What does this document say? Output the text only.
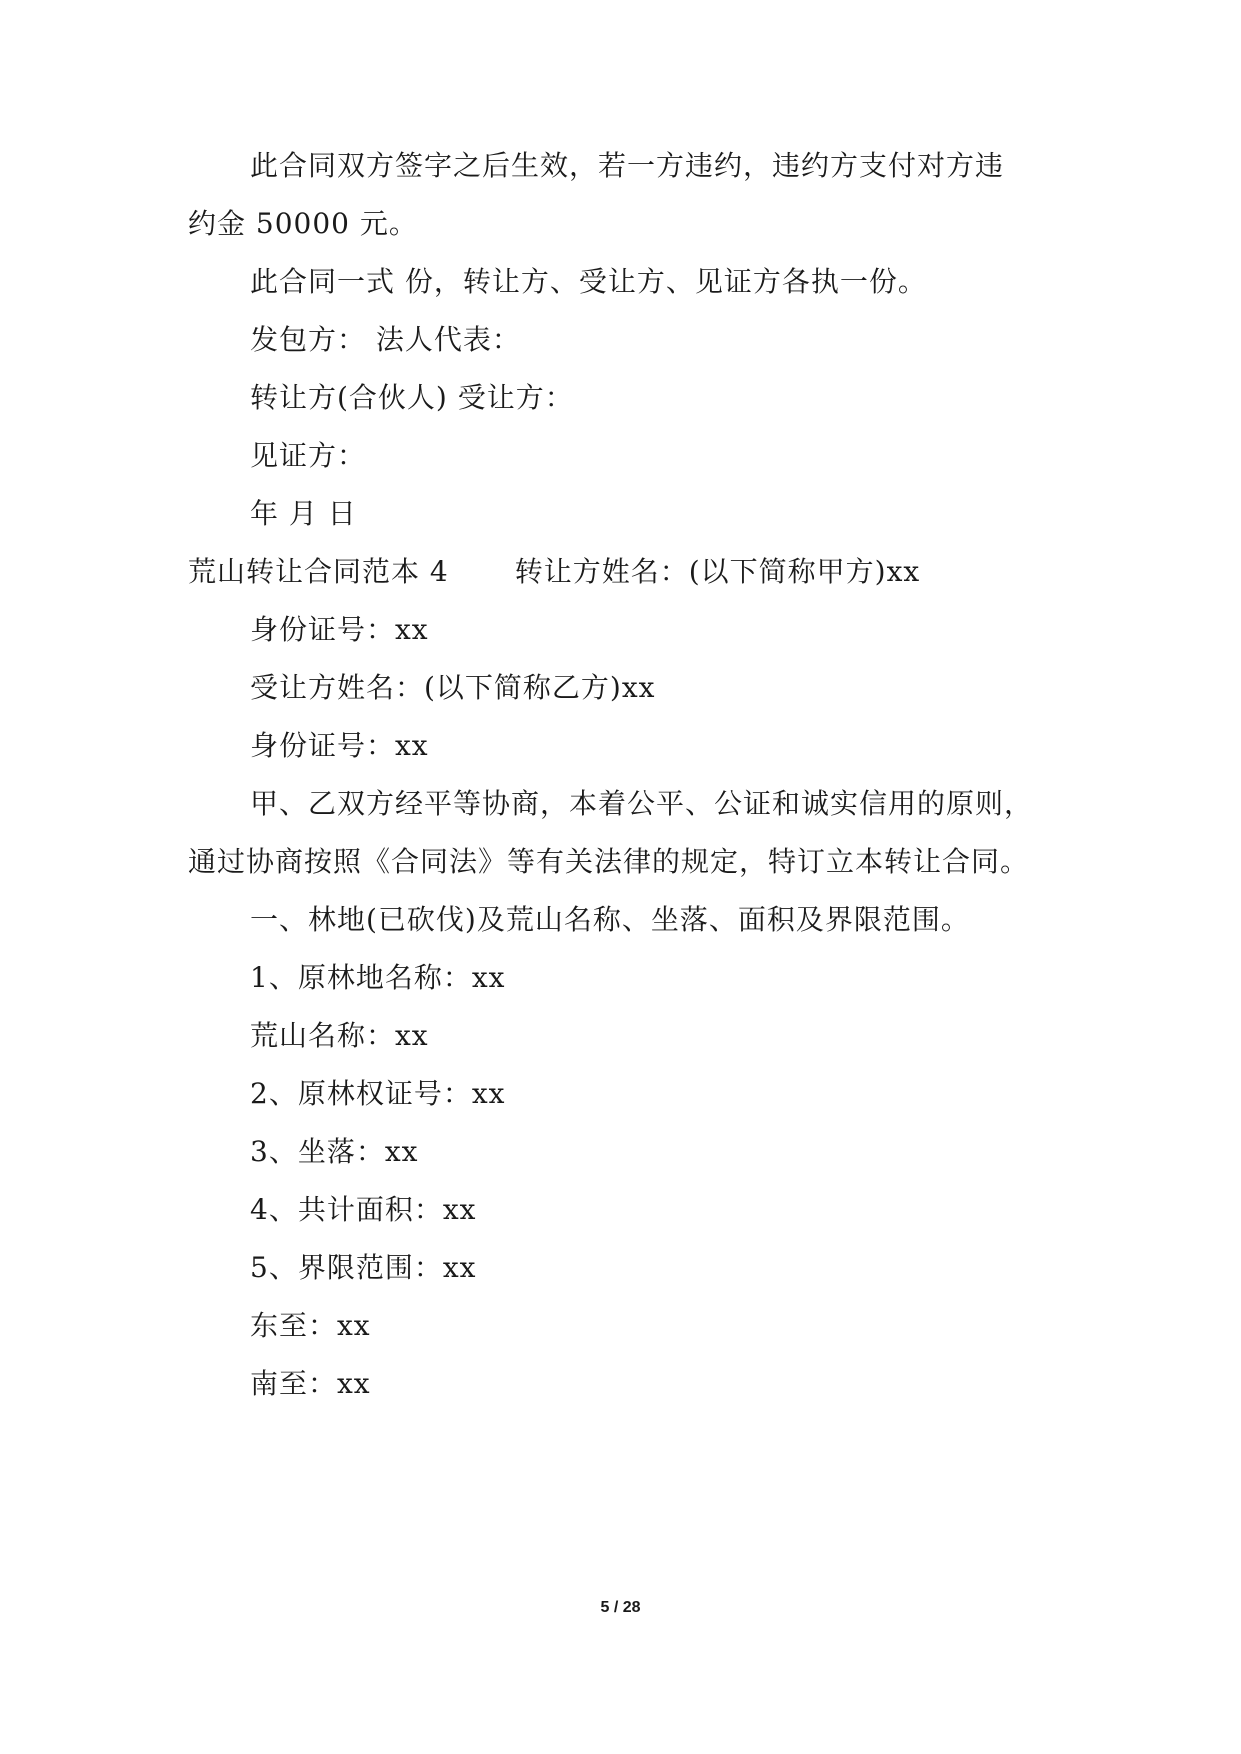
此合同双方签字之后生效，若一方违约，违约方支付对方违
约金 50000 元。
此合同一式 份，转让方、受让方、见证方各执一份。
发包方： 法人代表：
转让方(合伙人) 受让方：
见证方：
年 月 日
荒山转让合同范本 4 转让方姓名：(以下简称甲方)xx
身份证号：xx
受让方姓名：(以下简称乙方)xx
身份证号：xx
甲、乙双方经平等协商，本着公平、公证和诚实信用的原则，
通过协商按照《合同法》等有关法律的规定，特订立本转让合同。
一、林地(已砍伐)及荒山名称、坐落、面积及界限范围。
1、原林地名称：xx
荒山名称：xx
2、原林权证号：xx
3、坐落：xx
4、共计面积：xx
5、界限范围：xx
东至：xx
南至：xx
5 / 28
